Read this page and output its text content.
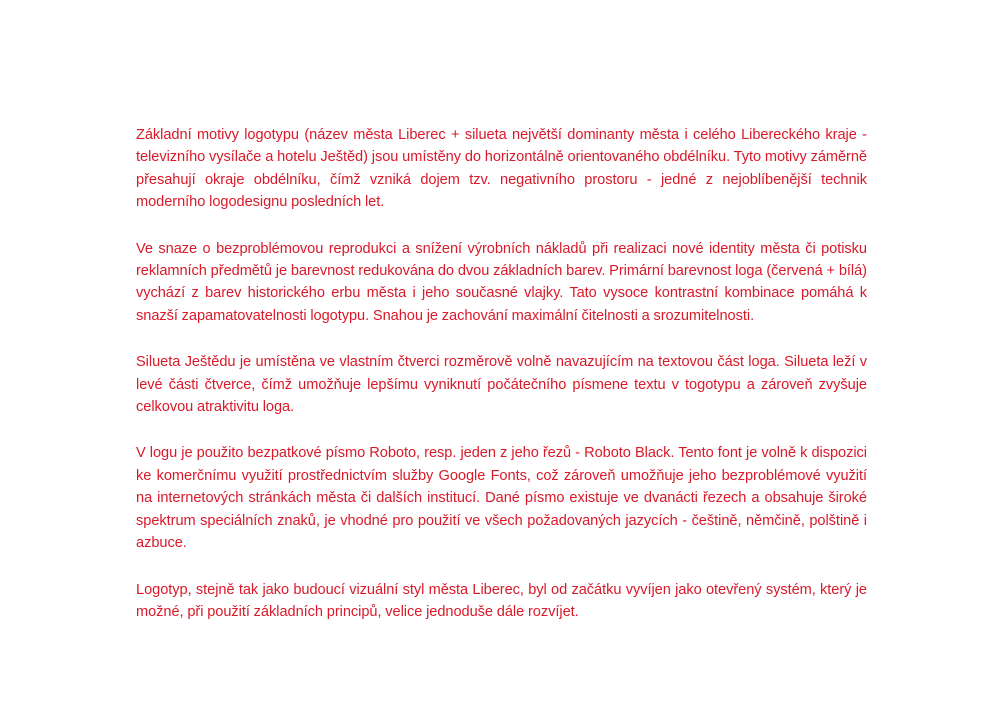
Základní motivy logotypu (název města Liberec + silueta největší dominanty města i celého Libereckého kraje - televizního vysílače a hotelu Ještěd) jsou umístěny do horizontálně orientovaného obdélníku. Tyto motivy záměrně přesahují okraje obdélníku, čímž vzniká dojem tzv. negativního prostoru - jedné z nejoblíbenější technik moderního logodesignu posledních let.

Ve snaze o bezproblémovou reprodukci a snížení výrobních nákladů při realizaci nové identity města či potisku reklamních předmětů je barevnost redukována do dvou základních barev. Primární barevnost loga (červená + bílá) vychází z barev historického erbu města i jeho současné vlajky. Tato vysoce kontrastní kombinace pomáhá k snazší zapamatovatelnosti logotypu. Snahou je zachování maximální čitelnosti a srozumitelnosti.

Silueta Ještědu je umístěna ve vlastním čtverci rozměrově volně navazujícím na textovou část loga. Silueta leží v levé části čtverce, čímž umožňuje lepšímu vyniknutí počátečního písmene textu v togotypu a zároveň zvyšuje celkovou atraktivitu loga.

V logu je použito bezpatkové písmo Roboto, resp. jeden z jeho řezů - Roboto Black. Tento font je volně k dispozici ke komerčnímu využití prostřednictvím služby Google Fonts, což zároveň umožňuje jeho bezproblémové využití na internetových stránkách města či dalších institucí. Dané písmo existuje ve dvanácti řezech a obsahuje široké spektrum speciálních znaků, je vhodné pro použití ve všech požadovaných jazycích - češtině, němčině, polštině i azbuce.

Logotyp, stejně tak jako budoucí vizuální styl města Liberec, byl od začátku vyvíjen jako otevřený systém, který je možné, při použití základních principů, velice jednoduše dále rozvíjet.
